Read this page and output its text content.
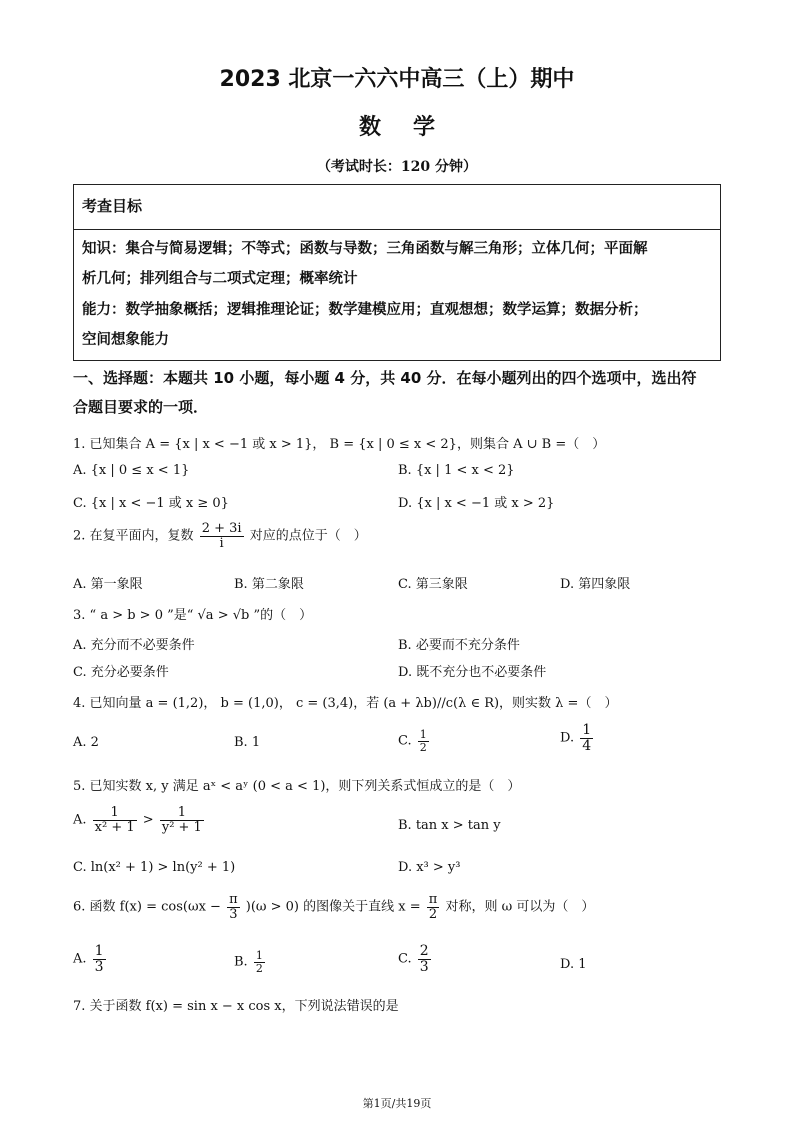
2023 北京一六六中高三（上）期中
数学
（考试时长：120 分钟）
考查目标
知识：集合与简易逻辑；不等式；函数与导数；三角函数与解三角形；立体几何；平面解
析几何；排列组合与二项式定理；概率统计
能力：数学抽象概括；逻辑推理论证；数学建模应用；直观想想；数学运算；数据分析；
空间想象能力
一、选择题：本题共 10 小题，每小题 4 分，共 40 分．在每小题列出的四个选项中，选出符
合题目要求的一项．
1. 已知集合 A = {x | x < −1 或 x > 1}， B = {x | 0 ≤ x < 2}，则集合 A ∪ B =（　）
A. {x | 0 ≤ x < 1}	B. {x | 1 < x < 2}
C. {x | x < −1 或 x ≥ 0}	D. {x | x < −1 或 x > 2}
2. 在复平面内，复数 $\frac{2 + 3i}{i}$ 对应的点位于（　）
A. 第一象限	B. 第二象限	C. 第三象限	D. 第四象限
3. “ a > b > 0 ”是“ √a > √b ”的（　）
A. 充分而不必要条件	B. 必要而不充分条件
C. 充分必要条件	D. 既不充分也不必要条件
4. 已知向量 a = (1,2)， b = (1,0)， c = (3,4)，若 (a + λb)//c(λ ∈ R)，则实数 λ =（　）
A. 2	B. 1	C. $\frac{1}{2}$	D. $\frac{1}{4}$
5. 已知实数 x, y 满足 aˣ < aʸ (0 < a < 1)，则下列关系式恒成立的是（　）
A. $\frac{1}{\text{x² + 1}} > \frac{1}{\text{y² + 1}}$	B. tan x > tan y
C. ln(x² + 1) > ln(y² + 1)	D. x³ > y³
6. 函数 $f(x) = \cos(\omega x - \frac{\pi}{3} )(\omega > 0)$ 的图像关于直线 $x = \frac{\pi}{2}$ 对称，则 ω 可以为（　）
A. $\frac{1}{3}$	B. $\frac{1}{2}$	C. $\frac{2}{3}$	D. 1
7. 关于函数 f(x) = sin x − x cos x，下列说法错误的是
第1页/共19页
